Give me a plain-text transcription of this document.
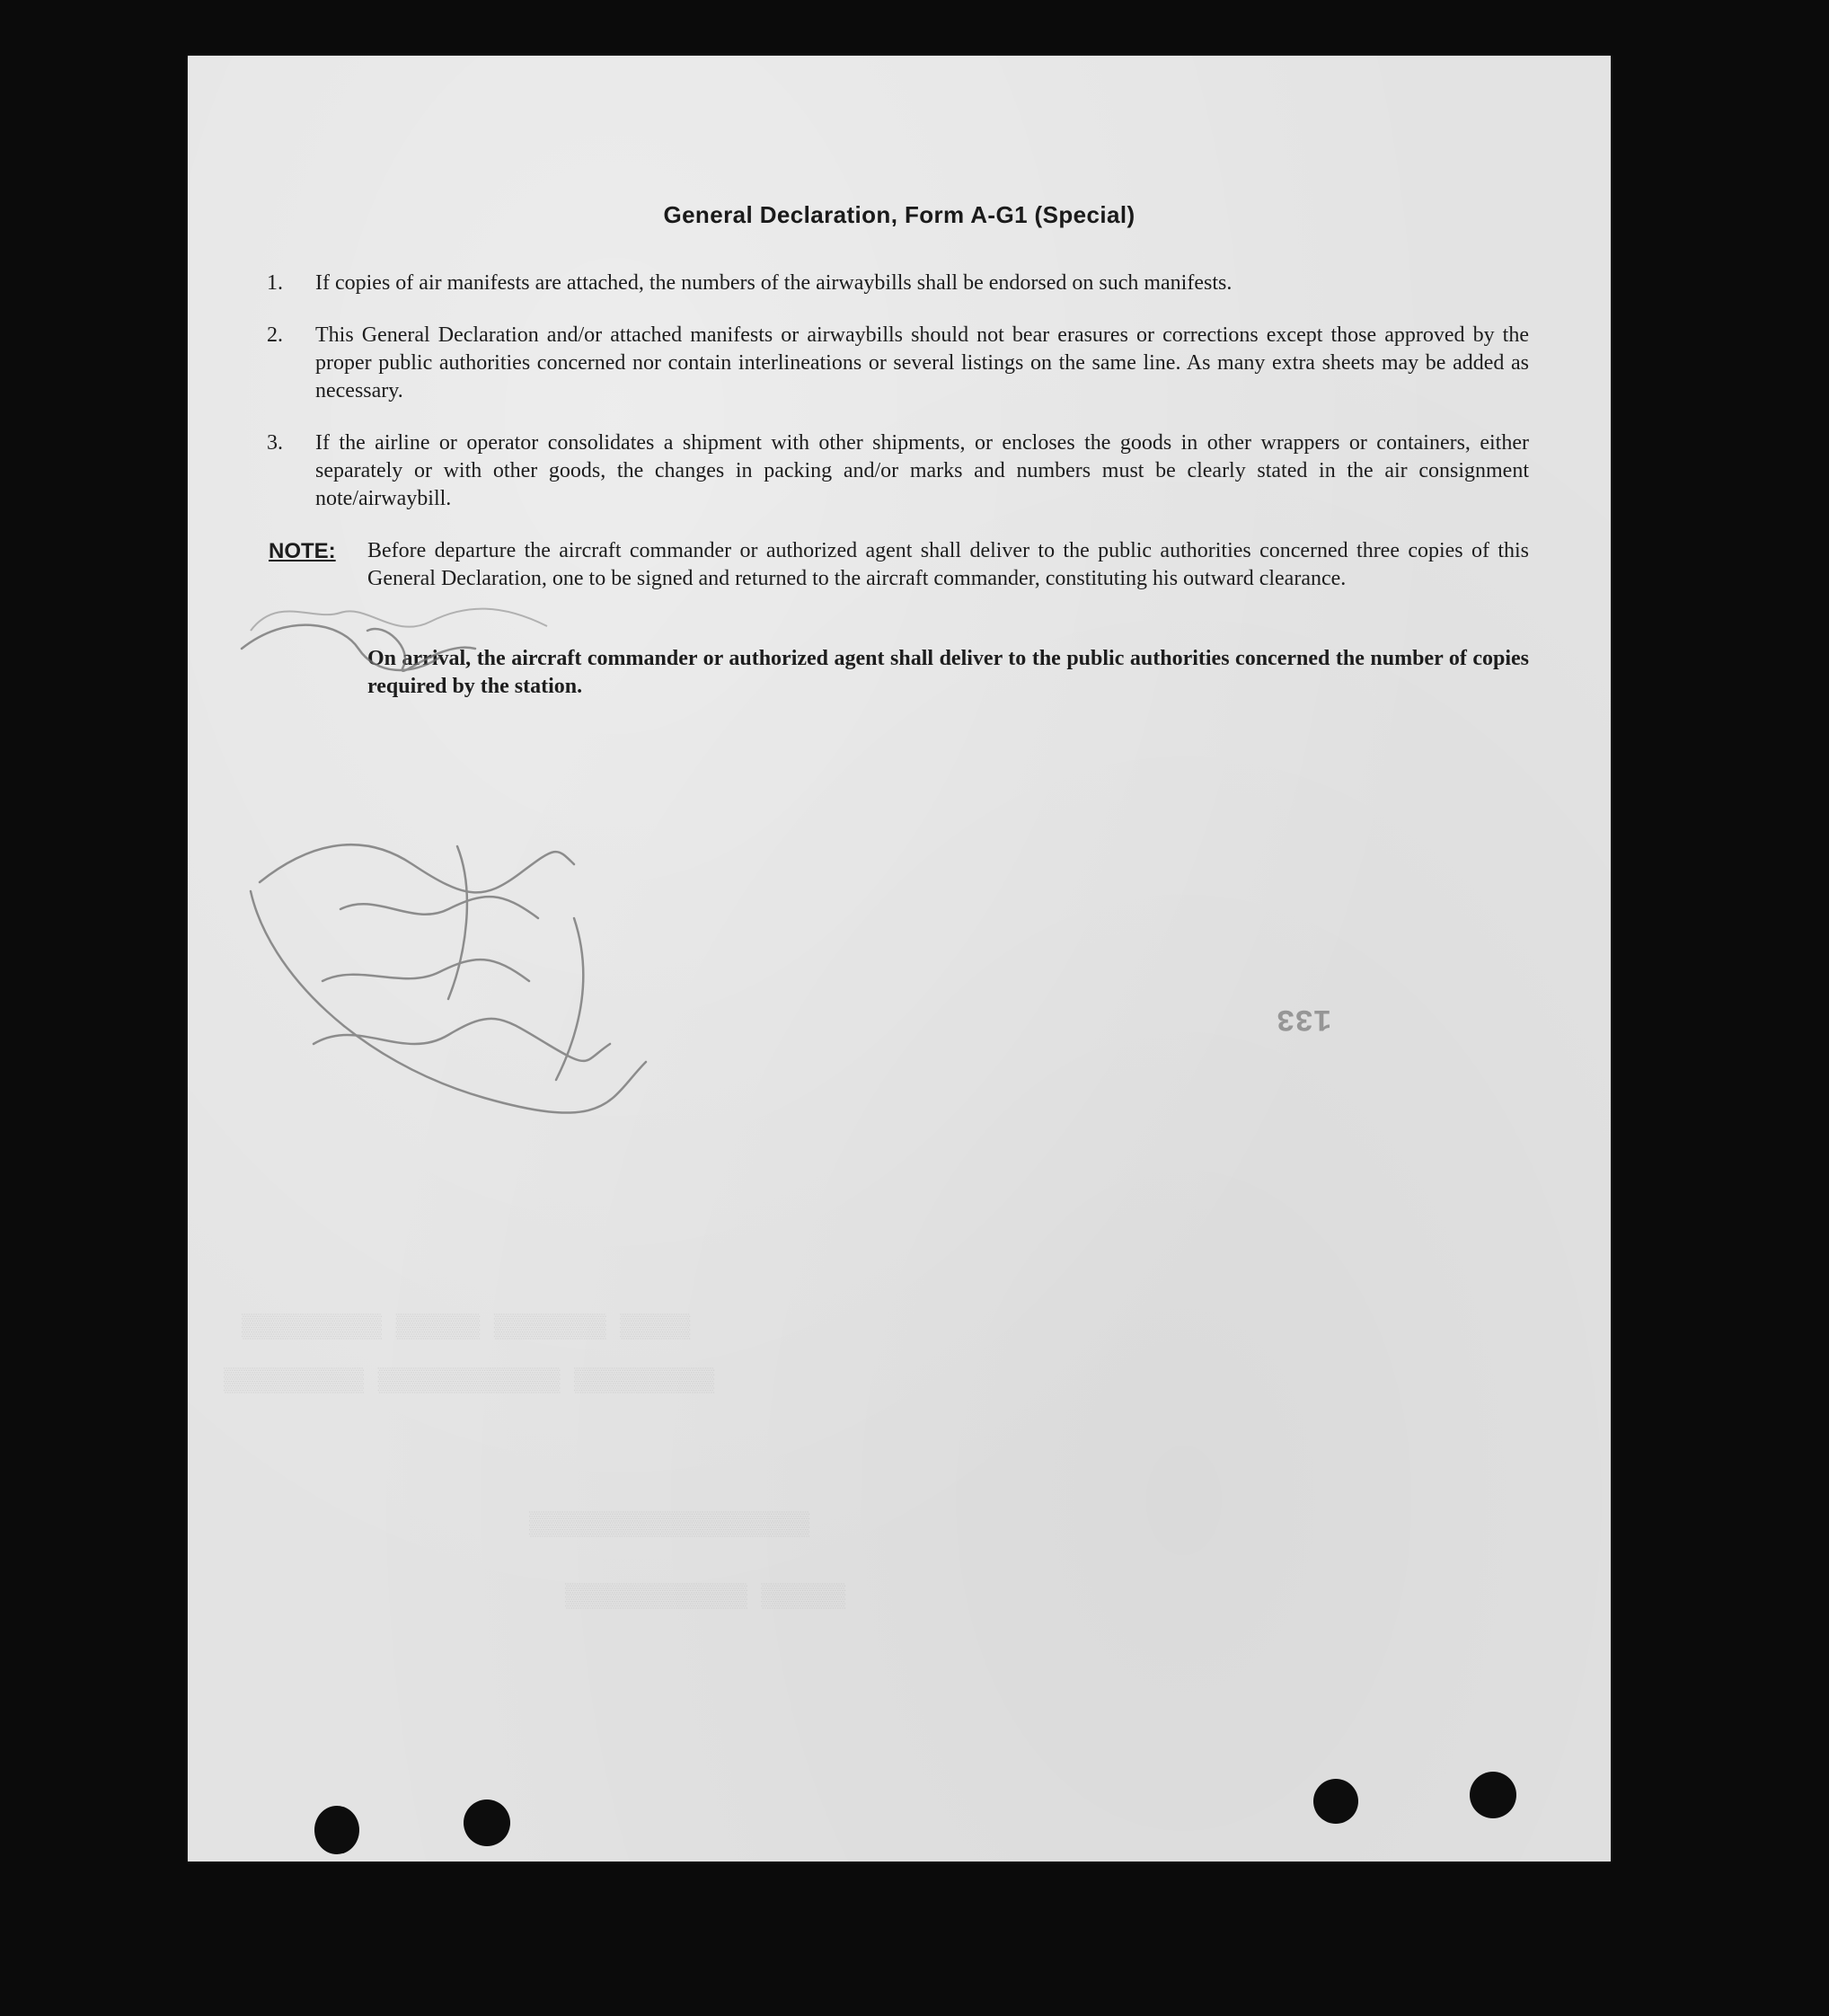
▒▒▒▒▒ ▒▒▒▒▒▒▒▒ ▒▒▒▒▒▒ ▒▒▒▒▒▒▒▒▒▒
▒▒▒▒▒▒▒▒▒▒ ▒▒▒▒▒▒▒▒▒▒▒▒▒ ▒▒▒▒▒▒▒▒▒▒
▒▒▒▒▒▒▒▒▒▒▒▒▒▒▒▒▒▒▒▒
▒▒▒▒▒▒ ▒▒▒▒▒▒▒▒▒▒▒▒▒
General Declaration, Form A-G1 (Special)
1.	If copies of air manifests are attached, the numbers of the airwaybills shall be endorsed on such manifests.
2.	This General Declaration and/or attached manifests or airwaybills should not bear erasures or corrections except those approved by the proper public authorities concerned nor contain interlineations or several listings on the same line. As many extra sheets may be added as necessary.
3.	If the airline or operator consolidates a shipment with other shipments, or encloses the goods in other wrappers or containers, either separately or with other goods, the changes in packing and/or marks and numbers must be clearly stated in the air consignment note/airwaybill.
NOTE: Before departure the aircraft commander or authorized agent shall deliver to the public authorities concerned three copies of this General Declaration, one to be signed and returned to the aircraft commander, constituting his outward clearance.
On arrival, the aircraft commander or authorized agent shall deliver to the public authorities concerned the number of copies required by the station.
133
